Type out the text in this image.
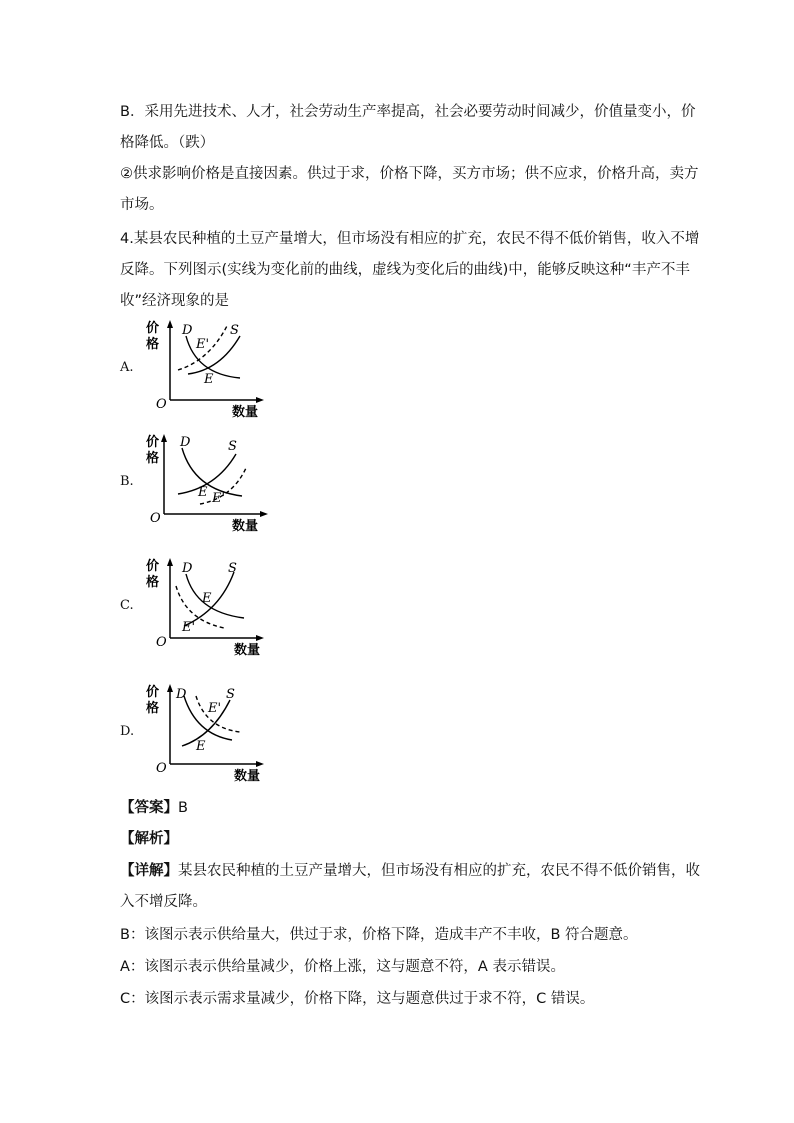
B．采用先进技术、人才，社会劳动生产率提高，社会必要劳动时间减少，价值量变小，价
格降低。（跌）
②供求影响价格是直接因素。供过于求，价格下降，买方市场；供不应求，价格升高，卖方
市场。
4.某县农民种植的土豆产量增大，但市场没有相应的扩充，农民不得不低价销售，收入不增
反降。下列图示(实线为变化前的曲线，虚线为变化后的曲线)中，能够反映这种“丰产不丰
收”经济现象的是
A.
价
格
O
数量
D	S
E'
E
B.
价
格
O
数量
D	S
E E'
C.
价
格
O
数量
D	S
E
E'
D.
价
格
O
数量
D	S
E'
E
【答案】B
【解析】
【详解】某县农民种植的土豆产量增大，但市场没有相应的扩充，农民不得不低价销售，收
入不增反降。
B：该图示表示供给量大，供过于求，价格下降，造成丰产不丰收，B 符合题意。
A：该图示表示供给量减少，价格上涨，这与题意不符，A 表示错误。
C：该图示表示需求量减少，价格下降，这与题意供过于求不符，C 错误。
